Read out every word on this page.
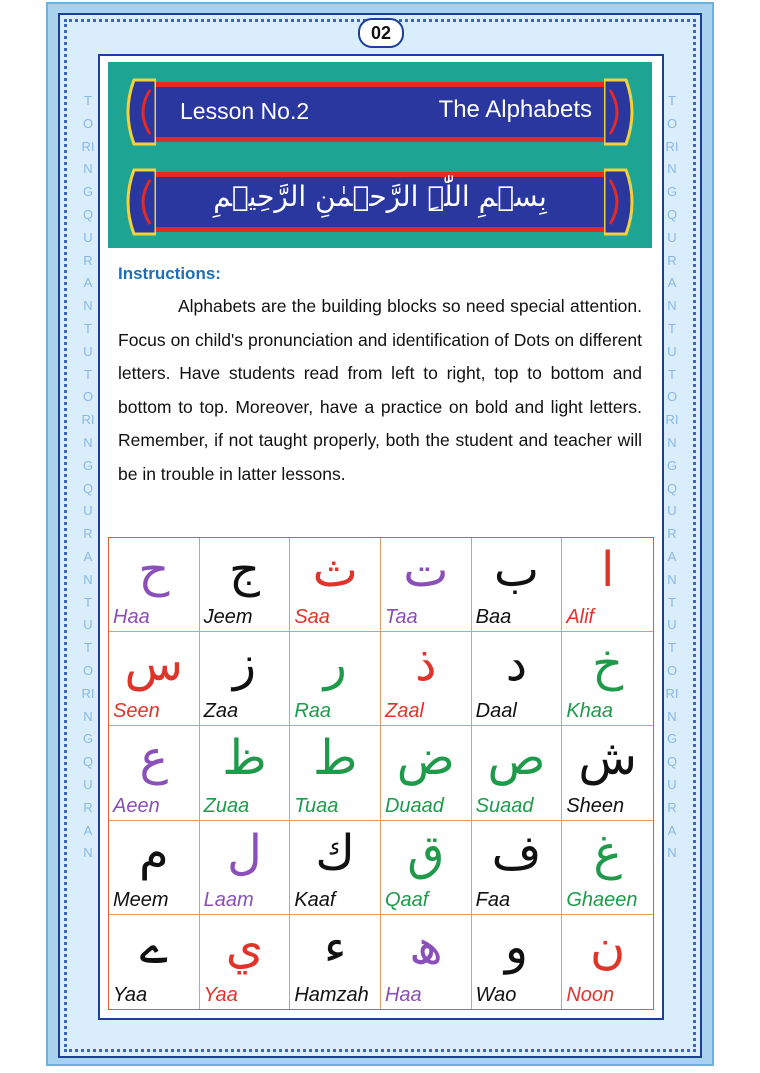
TORINGQURANTUTORINGQURANTUTORINGQURAN
TORINGQURANTUTORINGQURANTUTORINGQURAN
02
Lesson No.2	The Alphabets
بِسۡمِ اللّٰہِ الرَّحۡمٰنِ الرَّحِیۡمِ
Instructions:
Alphabets are the building blocks so need special attention. Focus on child's pronunciation and identification of Dots on different letters. Have students read from left to right, top to bottom and bottom to top. Moreover, have a practice on bold and light letters. Remember, if not taught properly, both the student and teacher will be in trouble in latter lessons.
ح
Haa
ج
Jeem
ث
Saa
ت
Taa
ب
Baa
ا
Alif
س
Seen
ز
Zaa
ر
Raa
ذ
Zaal
د
Daal
خ
Khaa
ع
Aeen
ظ
Zuaa
ط
Tuaa
ض
Duaad
ص
Suaad
ش
Sheen
م
Meem
ل
Laam
ك
Kaaf
ق
Qaaf
ف
Faa
غ
Ghaeen
ے
Yaa
ي
Yaa
ء
Hamzah
ھ
Haa
و
Wao
ن
Noon
